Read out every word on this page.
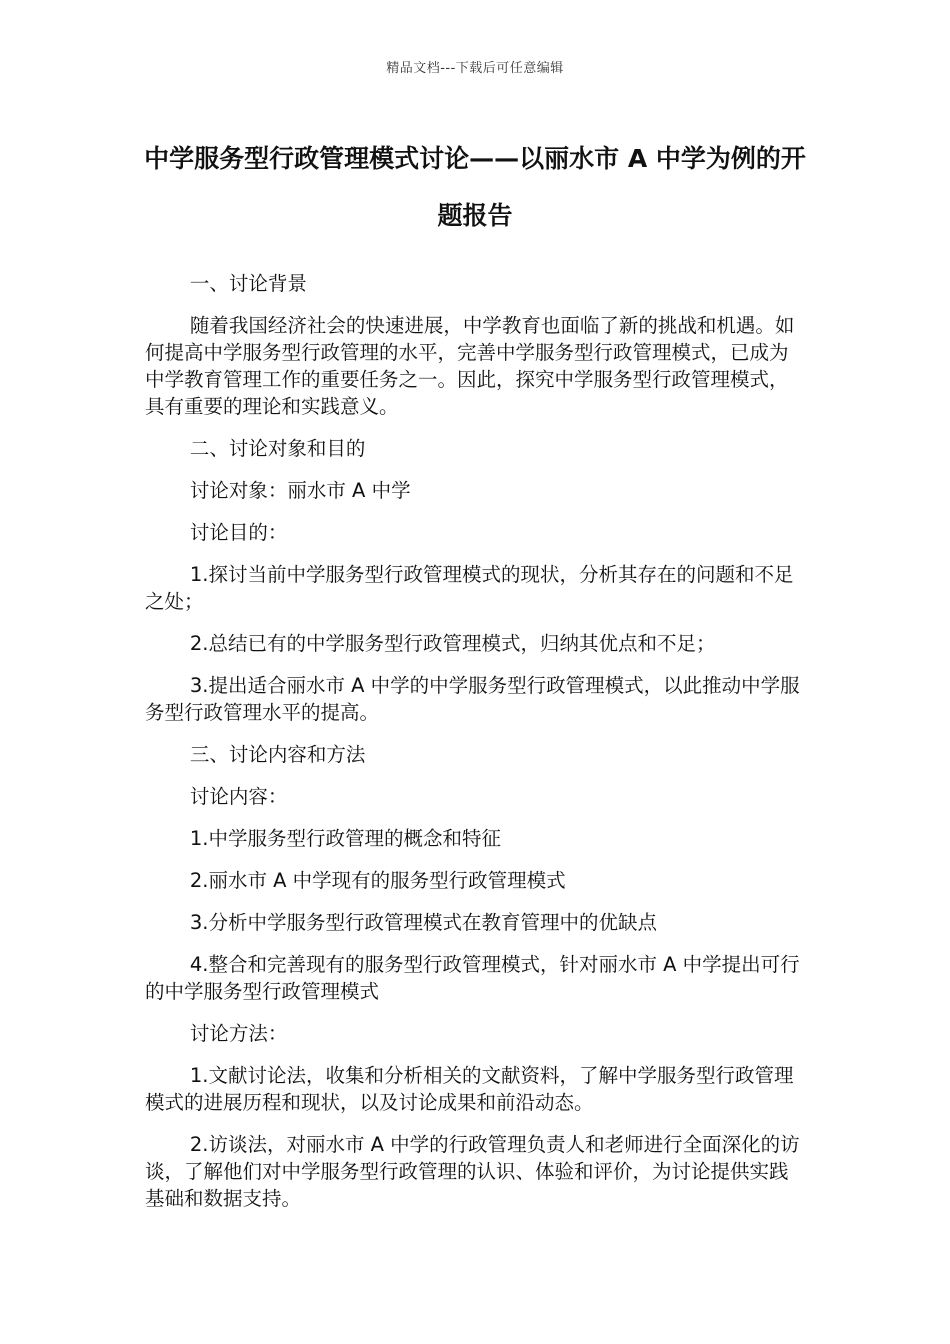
精品文档---下载后可任意编辑
中学服务型行政管理模式讨论——以丽水市 A 中学为例的开题报告

一、讨论背景

随着我国经济社会的快速进展，中学教育也面临了新的挑战和机遇。如何提高中学服务型行政管理的水平，完善中学服务型行政管理模式，已成为中学教育管理工作的重要任务之一。因此，探究中学服务型行政管理模式，具有重要的理论和实践意义。

二、讨论对象和目的

讨论对象：丽水市 A 中学

讨论目的：

1.探讨当前中学服务型行政管理模式的现状，分析其存在的问题和不足之处；

2.总结已有的中学服务型行政管理模式，归纳其优点和不足；

3.提出适合丽水市 A 中学的中学服务型行政管理模式，以此推动中学服务型行政管理水平的提高。

三、讨论内容和方法

讨论内容：

1.中学服务型行政管理的概念和特征

2.丽水市 A 中学现有的服务型行政管理模式

3.分析中学服务型行政管理模式在教育管理中的优缺点

4.整合和完善现有的服务型行政管理模式，针对丽水市 A 中学提出可行的中学服务型行政管理模式

讨论方法：

1.文献讨论法，收集和分析相关的文献资料，了解中学服务型行政管理模式的进展历程和现状，以及讨论成果和前沿动态。

2.访谈法，对丽水市 A 中学的行政管理负责人和老师进行全面深化的访谈，了解他们对中学服务型行政管理的认识、体验和评价，为讨论提供实践基础和数据支持。
